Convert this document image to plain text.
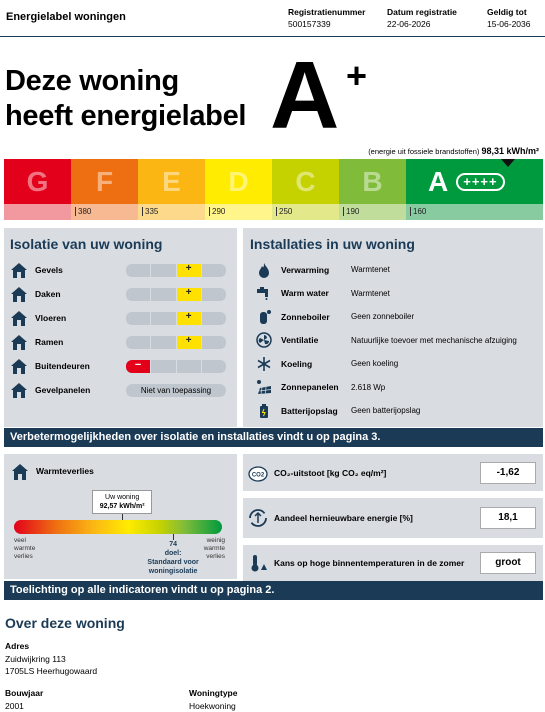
Energielabel woningen	Registratienummer
500157339
Datum registratie
22-06-2026
Geldig tot
15-06-2036
Deze woning
heeft energielabel A +
(energie uit fossiele brandstoffen) 98,31 kWh/m²
G F E D C B A	++++
380	335	290	250	190	160
Isolatie van uw woning
Gevels
+
Daken
+
Vloeren
+
Ramen
+
Buitendeuren
−
Gevelpanelen	Niet van toepassing
Installaties in uw woning
Verwarming	Warmtenet
Warm water	Warmtenet
Zonneboiler	Geen zonneboiler
Ventilatie	Natuurlijke toevoer met mechanische afzuiging
Koeling	Geen koeling
Zonnepanelen	2.618 Wp
Batterijopslag	Geen batterijopslag
Verbetermogelijkheden over isolatie en installaties vindt u op pagina 3.
Warmteverlies
Uw woning
92,57 kWh/m²
veel warmte verlies
weinig warmte verlies
74
doel:
Standaard voor woningisolatie
CO2 CO₂-uitstoot [kg CO₂ eq/m²]	-1,62
Aandeel hernieuwbare energie [%]	18,1
Kans op hoge binnentemperaturen in de zomer	groot
Toelichting op alle indicatoren vindt u op pagina 2.
Over deze woning
Adres
Zuidwijkring 113
1705LS Heerhugowaard
Bouwjaar
2001
Woningtype
Hoekwoning
